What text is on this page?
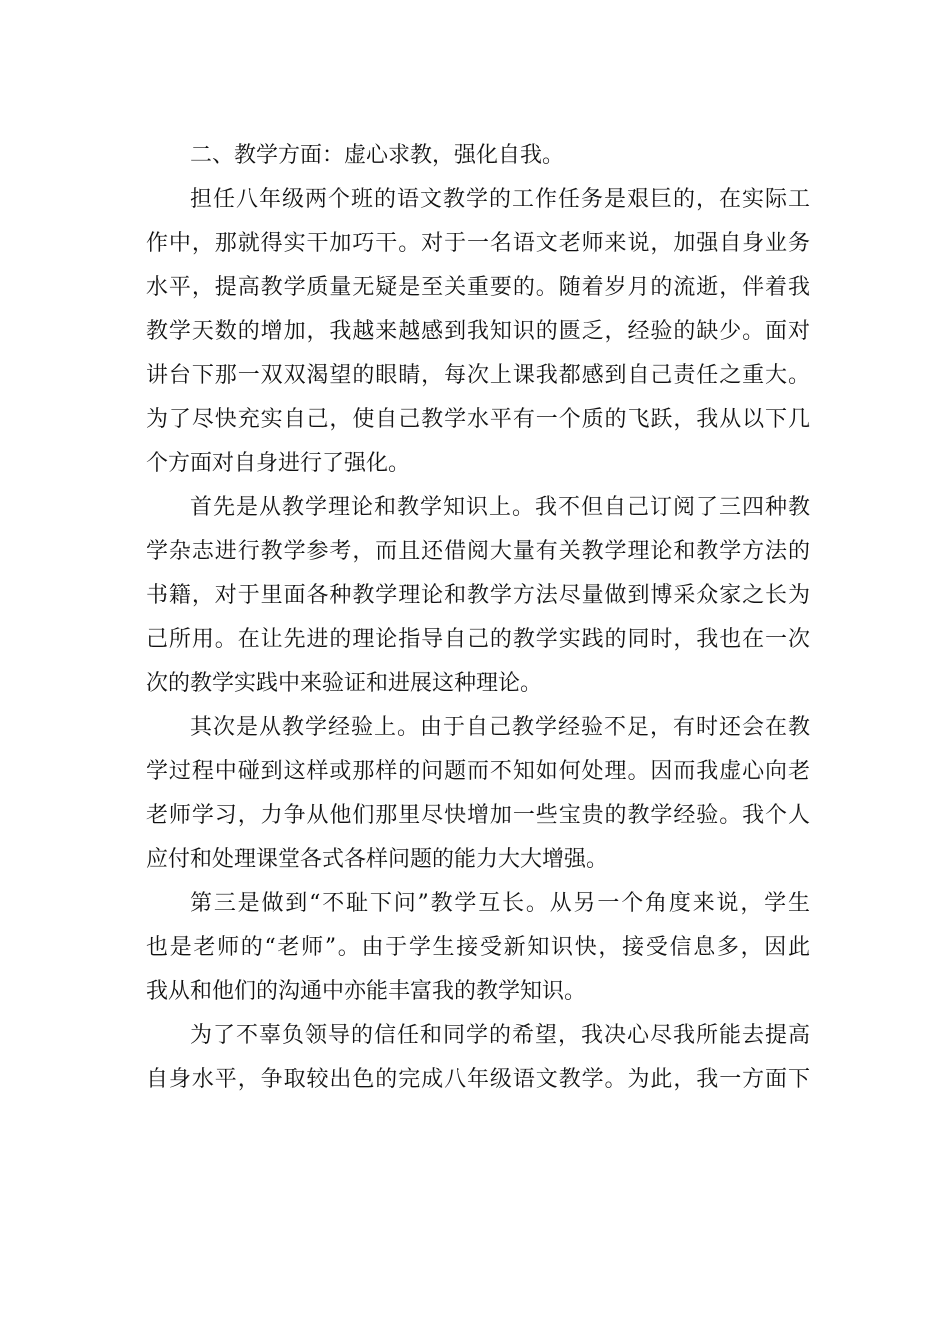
二、教学方面：虚心求教，强化自我。
担任八年级两个班的语文教学的工作任务是艰巨的，在实际工
作中，那就得实干加巧干。对于一名语文老师来说，加强自身业务
水平，提高教学质量无疑是至关重要的。随着岁月的流逝，伴着我
教学天数的增加，我越来越感到我知识的匮乏，经验的缺少。面对
讲台下那一双双渴望的眼睛，每次上课我都感到自己责任之重大。
为了尽快充实自己，使自己教学水平有一个质的飞跃，我从以下几
个方面对自身进行了强化。
首先是从教学理论和教学知识上。我不但自己订阅了三四种教
学杂志进行教学参考，而且还借阅大量有关教学理论和教学方法的
书籍，对于里面各种教学理论和教学方法尽量做到博采众家之长为
己所用。在让先进的理论指导自己的教学实践的同时，我也在一次
次的教学实践中来验证和进展这种理论。
其次是从教学经验上。由于自己教学经验不足，有时还会在教
学过程中碰到这样或那样的问题而不知如何处理。因而我虚心向老
老师学习，力争从他们那里尽快增加一些宝贵的教学经验。我个人
应付和处理课堂各式各样问题的能力大大增强。
第三是做到“不耻下问”教学互长。从另一个角度来说，学生
也是老师的“老师”。由于学生接受新知识快，接受信息多，因此
我从和他们的沟通中亦能丰富我的教学知识。
为了不辜负领导的信任和同学的希望，我决心尽我所能去提高
自身水平，争取较出色的完成八年级语文教学。为此，我一方面下
